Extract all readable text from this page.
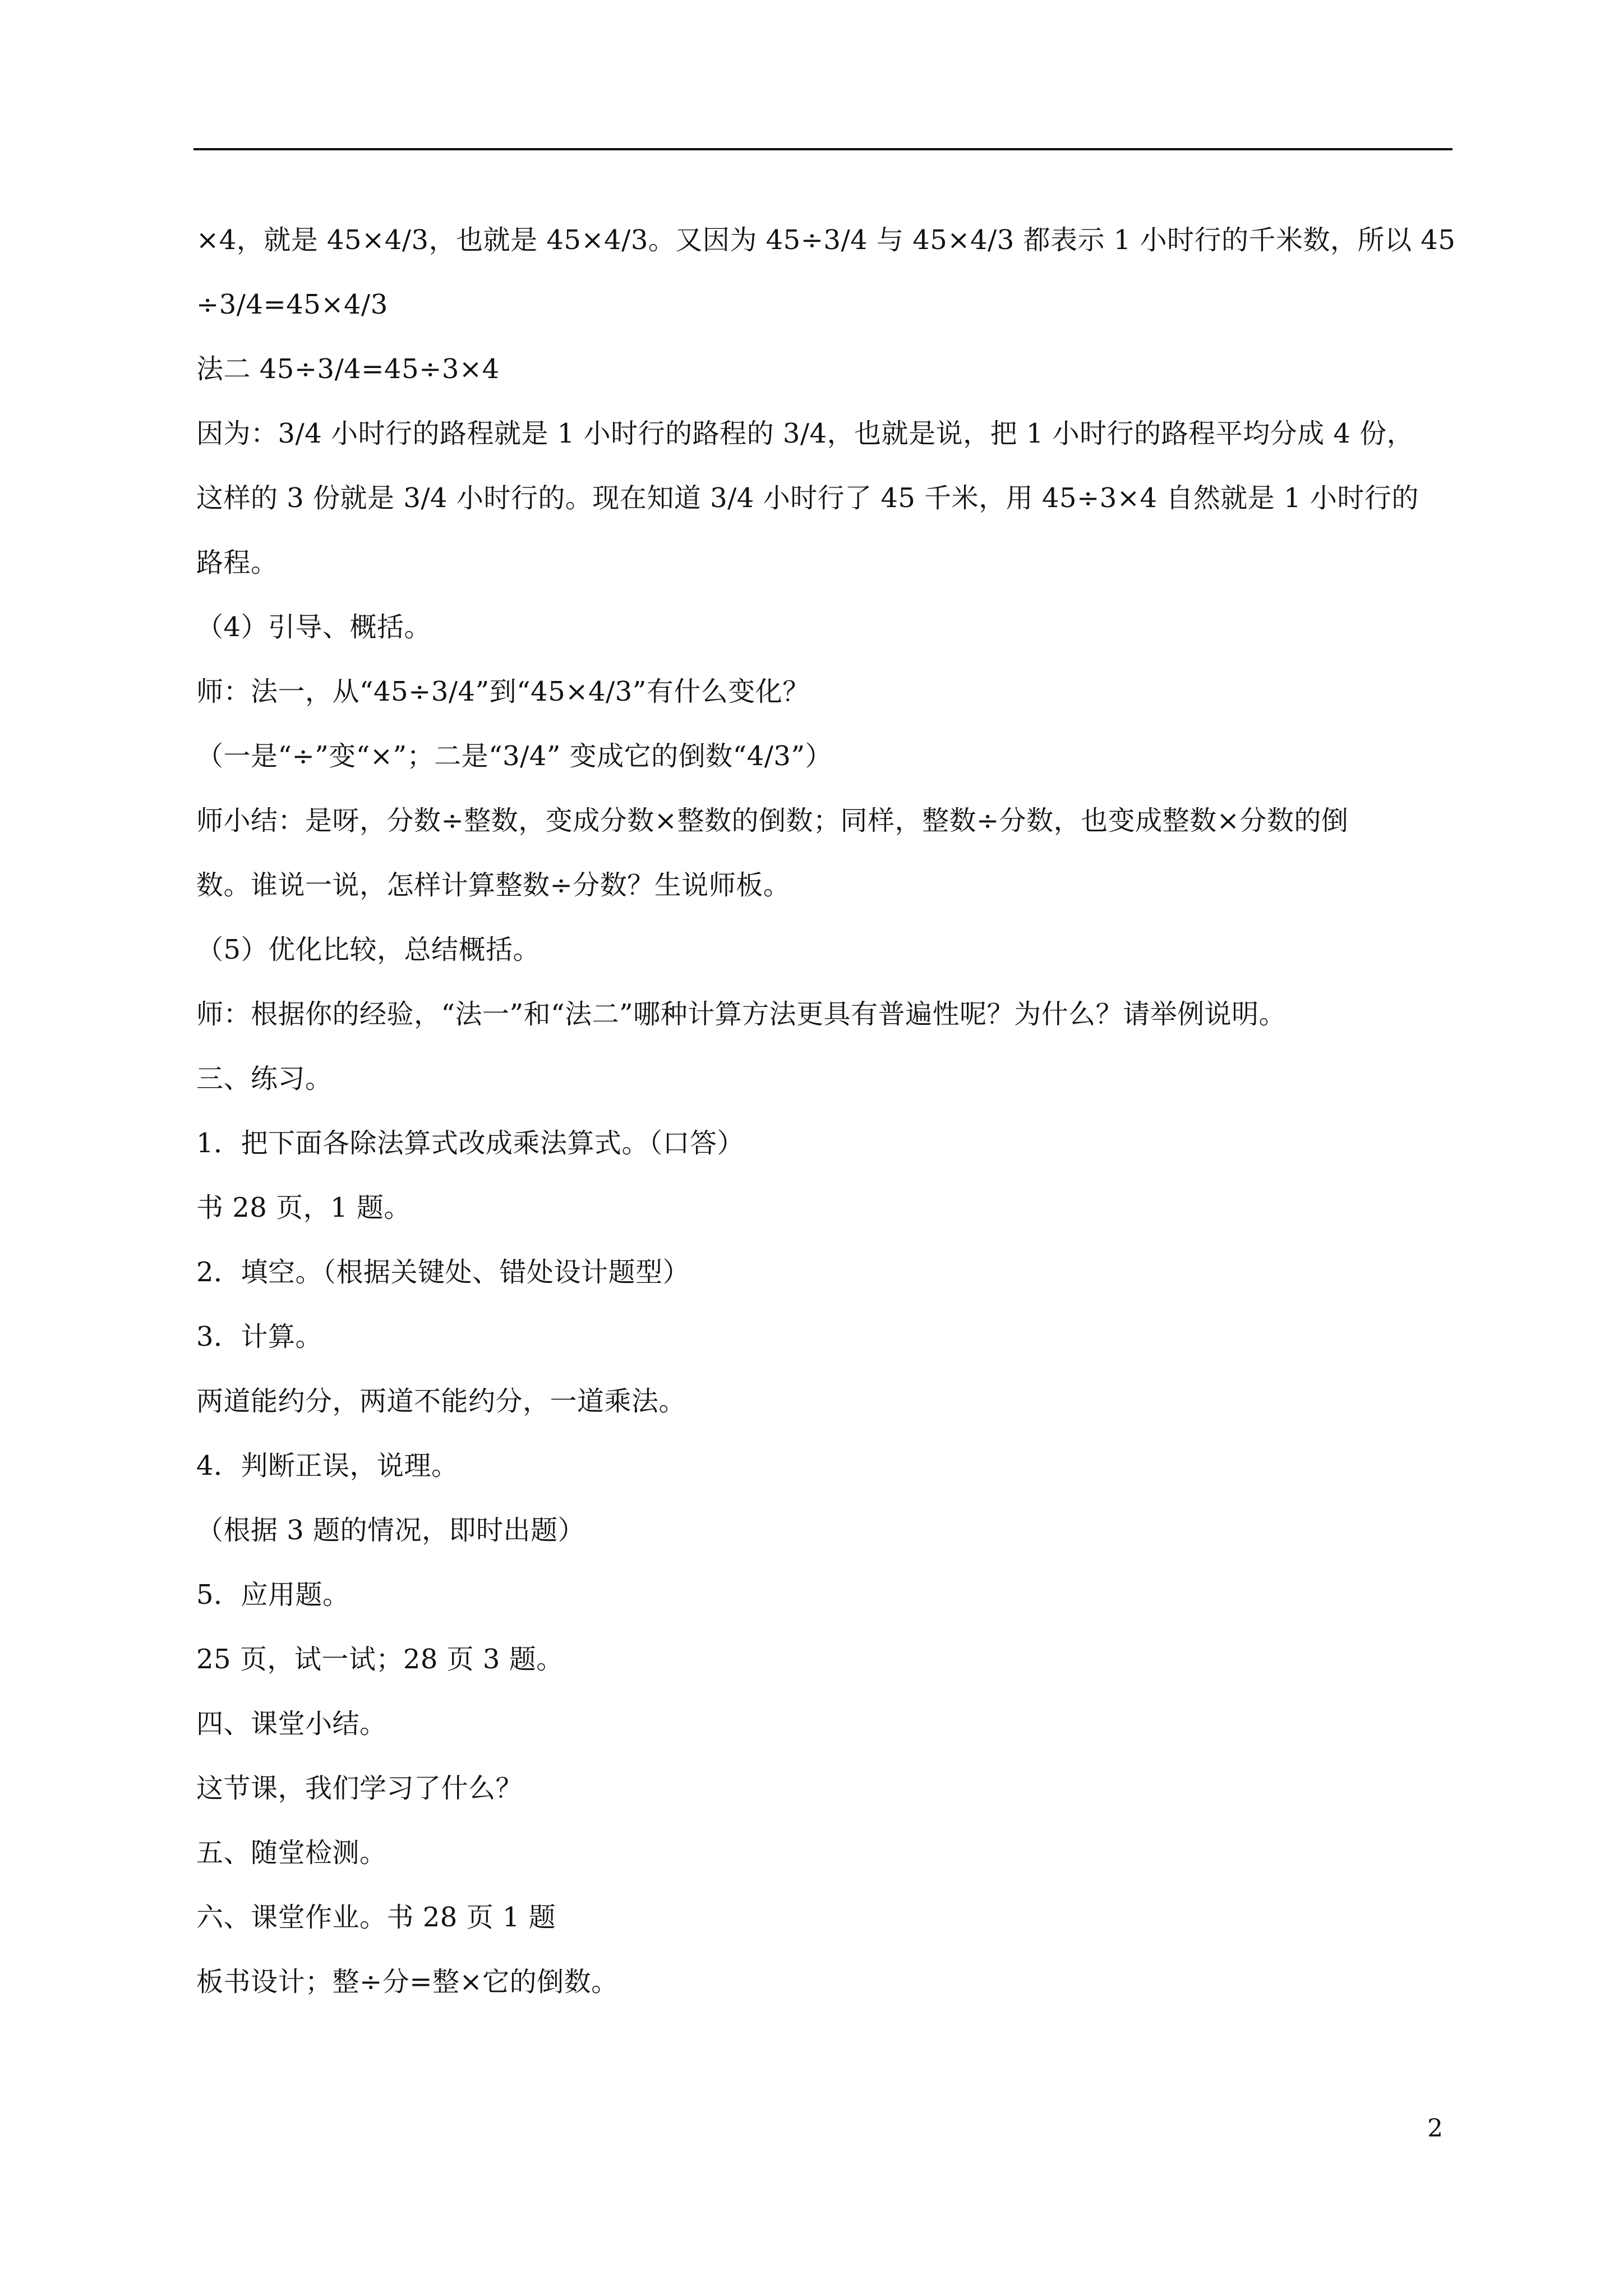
×4，就是 45×4/3，也就是 45×4/3。又因为 45÷3/4 与 45×4/3 都表示 1 小时行的千米数，所以 45
÷3/4=45×4/3
法二 45÷3/4=45÷3×4
因为：3/4 小时行的路程就是 1 小时行的路程的 3/4，也就是说，把 1 小时行的路程平均分成 4 份，
这样的 3 份就是 3/4 小时行的。现在知道 3/4 小时行了 45 千米，用 45÷3×4 自然就是 1 小时行的
路程。
（4）引导、概括。
师：法一，从“45÷3/4”到“45×4/3”有什么变化？
（一是“÷”变“×”；二是“3/4” 变成它的倒数“4/3”）
师小结：是呀，分数÷整数，变成分数×整数的倒数；同样，整数÷分数，也变成整数×分数的倒
数。谁说一说，怎样计算整数÷分数？生说师板。
（5）优化比较，总结概括。
师：根据你的经验，“法一”和“法二”哪种计算方法更具有普遍性呢？为什么？请举例说明。
三、练习。
1．把下面各除法算式改成乘法算式。（口答）
书 28 页，1 题。
2．填空。（根据关键处、错处设计题型）
3．计算。
两道能约分，两道不能约分，一道乘法。
4．判断正误，说理。
（根据 3 题的情况，即时出题）
5．应用题。
25 页，试一试；28 页 3 题。
四、课堂小结。
这节课，我们学习了什么？
五、随堂检测。
六、课堂作业。书 28 页 1 题
板书设计；整÷分=整×它的倒数。
2
